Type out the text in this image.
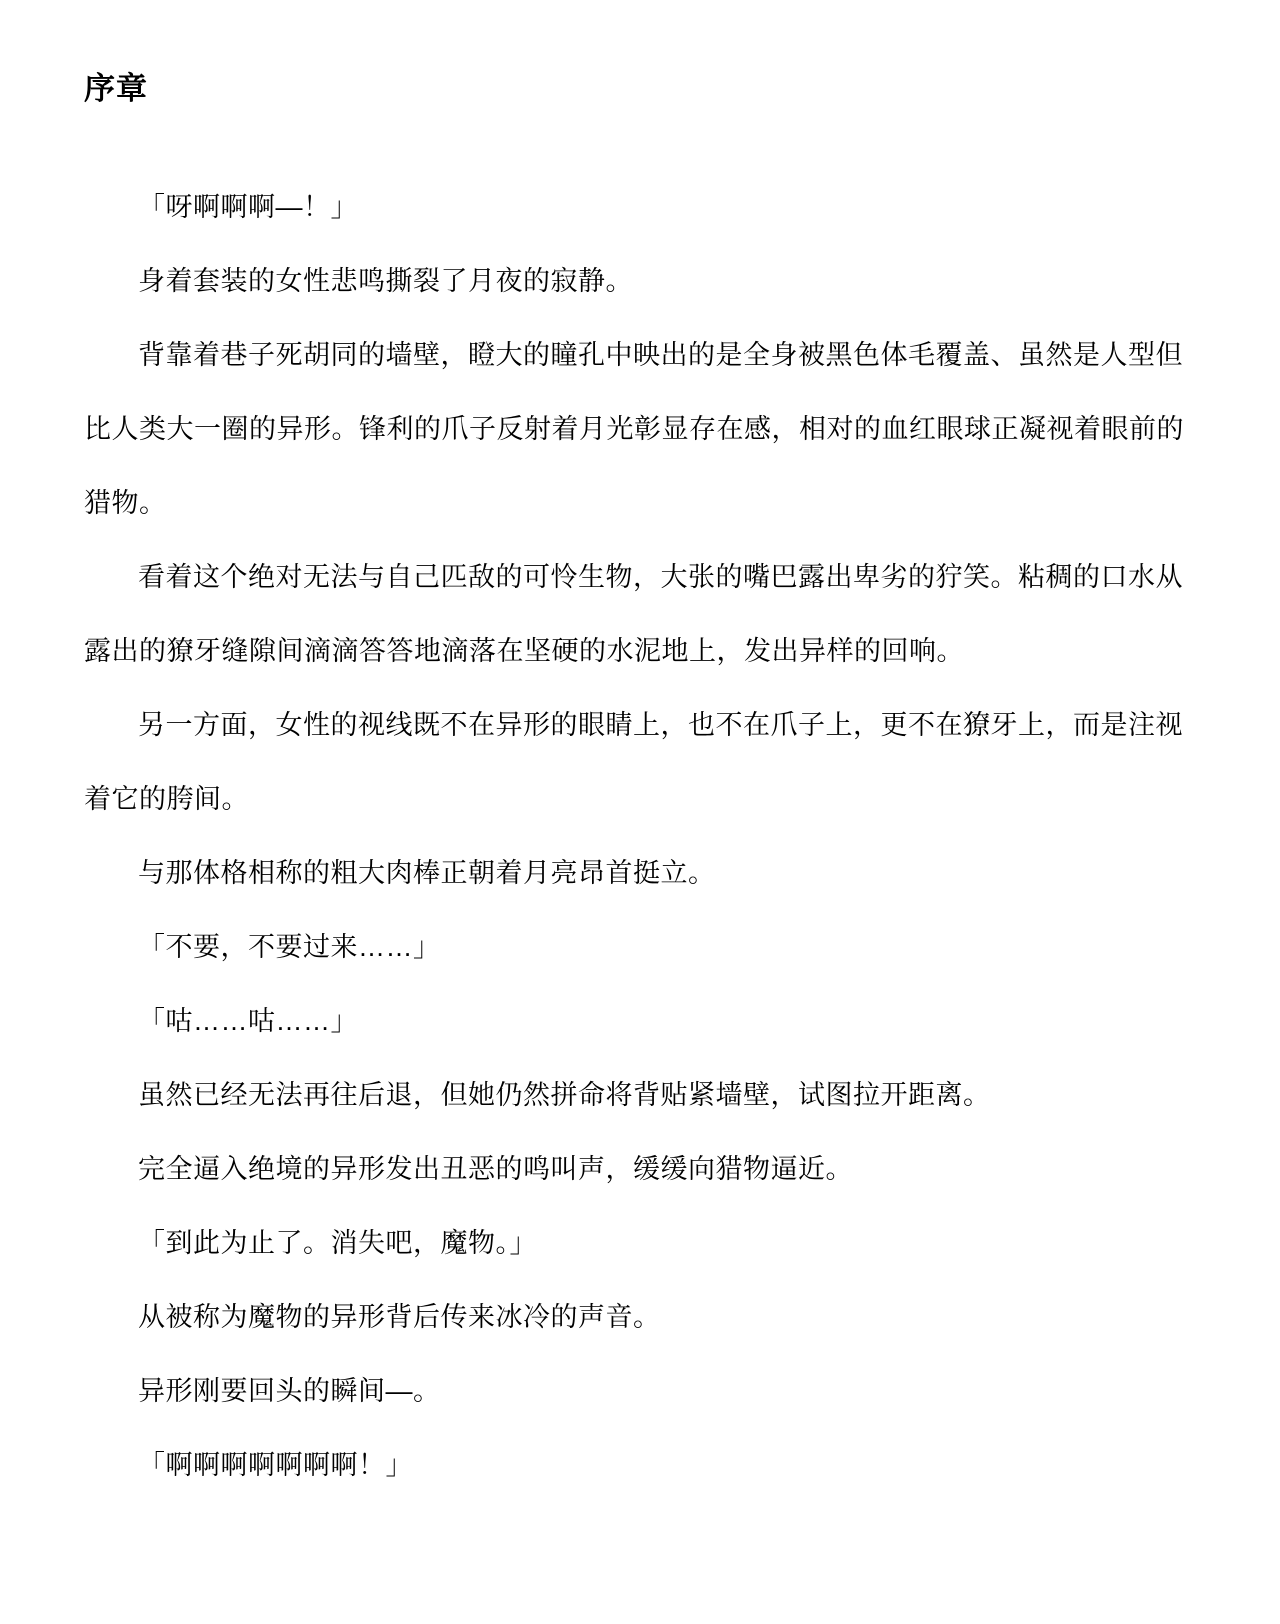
序章

「呀啊啊啊—！」

身着套装的女性悲鸣撕裂了月夜的寂静。

背靠着巷子死胡同的墙壁，瞪大的瞳孔中映出的是全身被黑色体毛覆盖、虽然是人型但比人类大一圈的异形。锋利的爪子反射着月光彰显存在感，相对的血红眼球正凝视着眼前的猎物。

看着这个绝对无法与自己匹敌的可怜生物，大张的嘴巴露出卑劣的狞笑。粘稠的口水从露出的獠牙缝隙间滴滴答答地滴落在坚硬的水泥地上，发出异样的回响。

另一方面，女性的视线既不在异形的眼睛上，也不在爪子上，更不在獠牙上，而是注视着它的胯间。

与那体格相称的粗大肉棒正朝着月亮昂首挺立。

「不要，不要过来……」

「咕……咕……」

虽然已经无法再往后退，但她仍然拼命将背贴紧墙壁，试图拉开距离。

完全逼入绝境的异形发出丑恶的鸣叫声，缓缓向猎物逼近。

「到此为止了。消失吧，魔物。」

从被称为魔物的异形背后传来冰冷的声音。

异形刚要回头的瞬间—。

「啊啊啊啊啊啊啊！」
